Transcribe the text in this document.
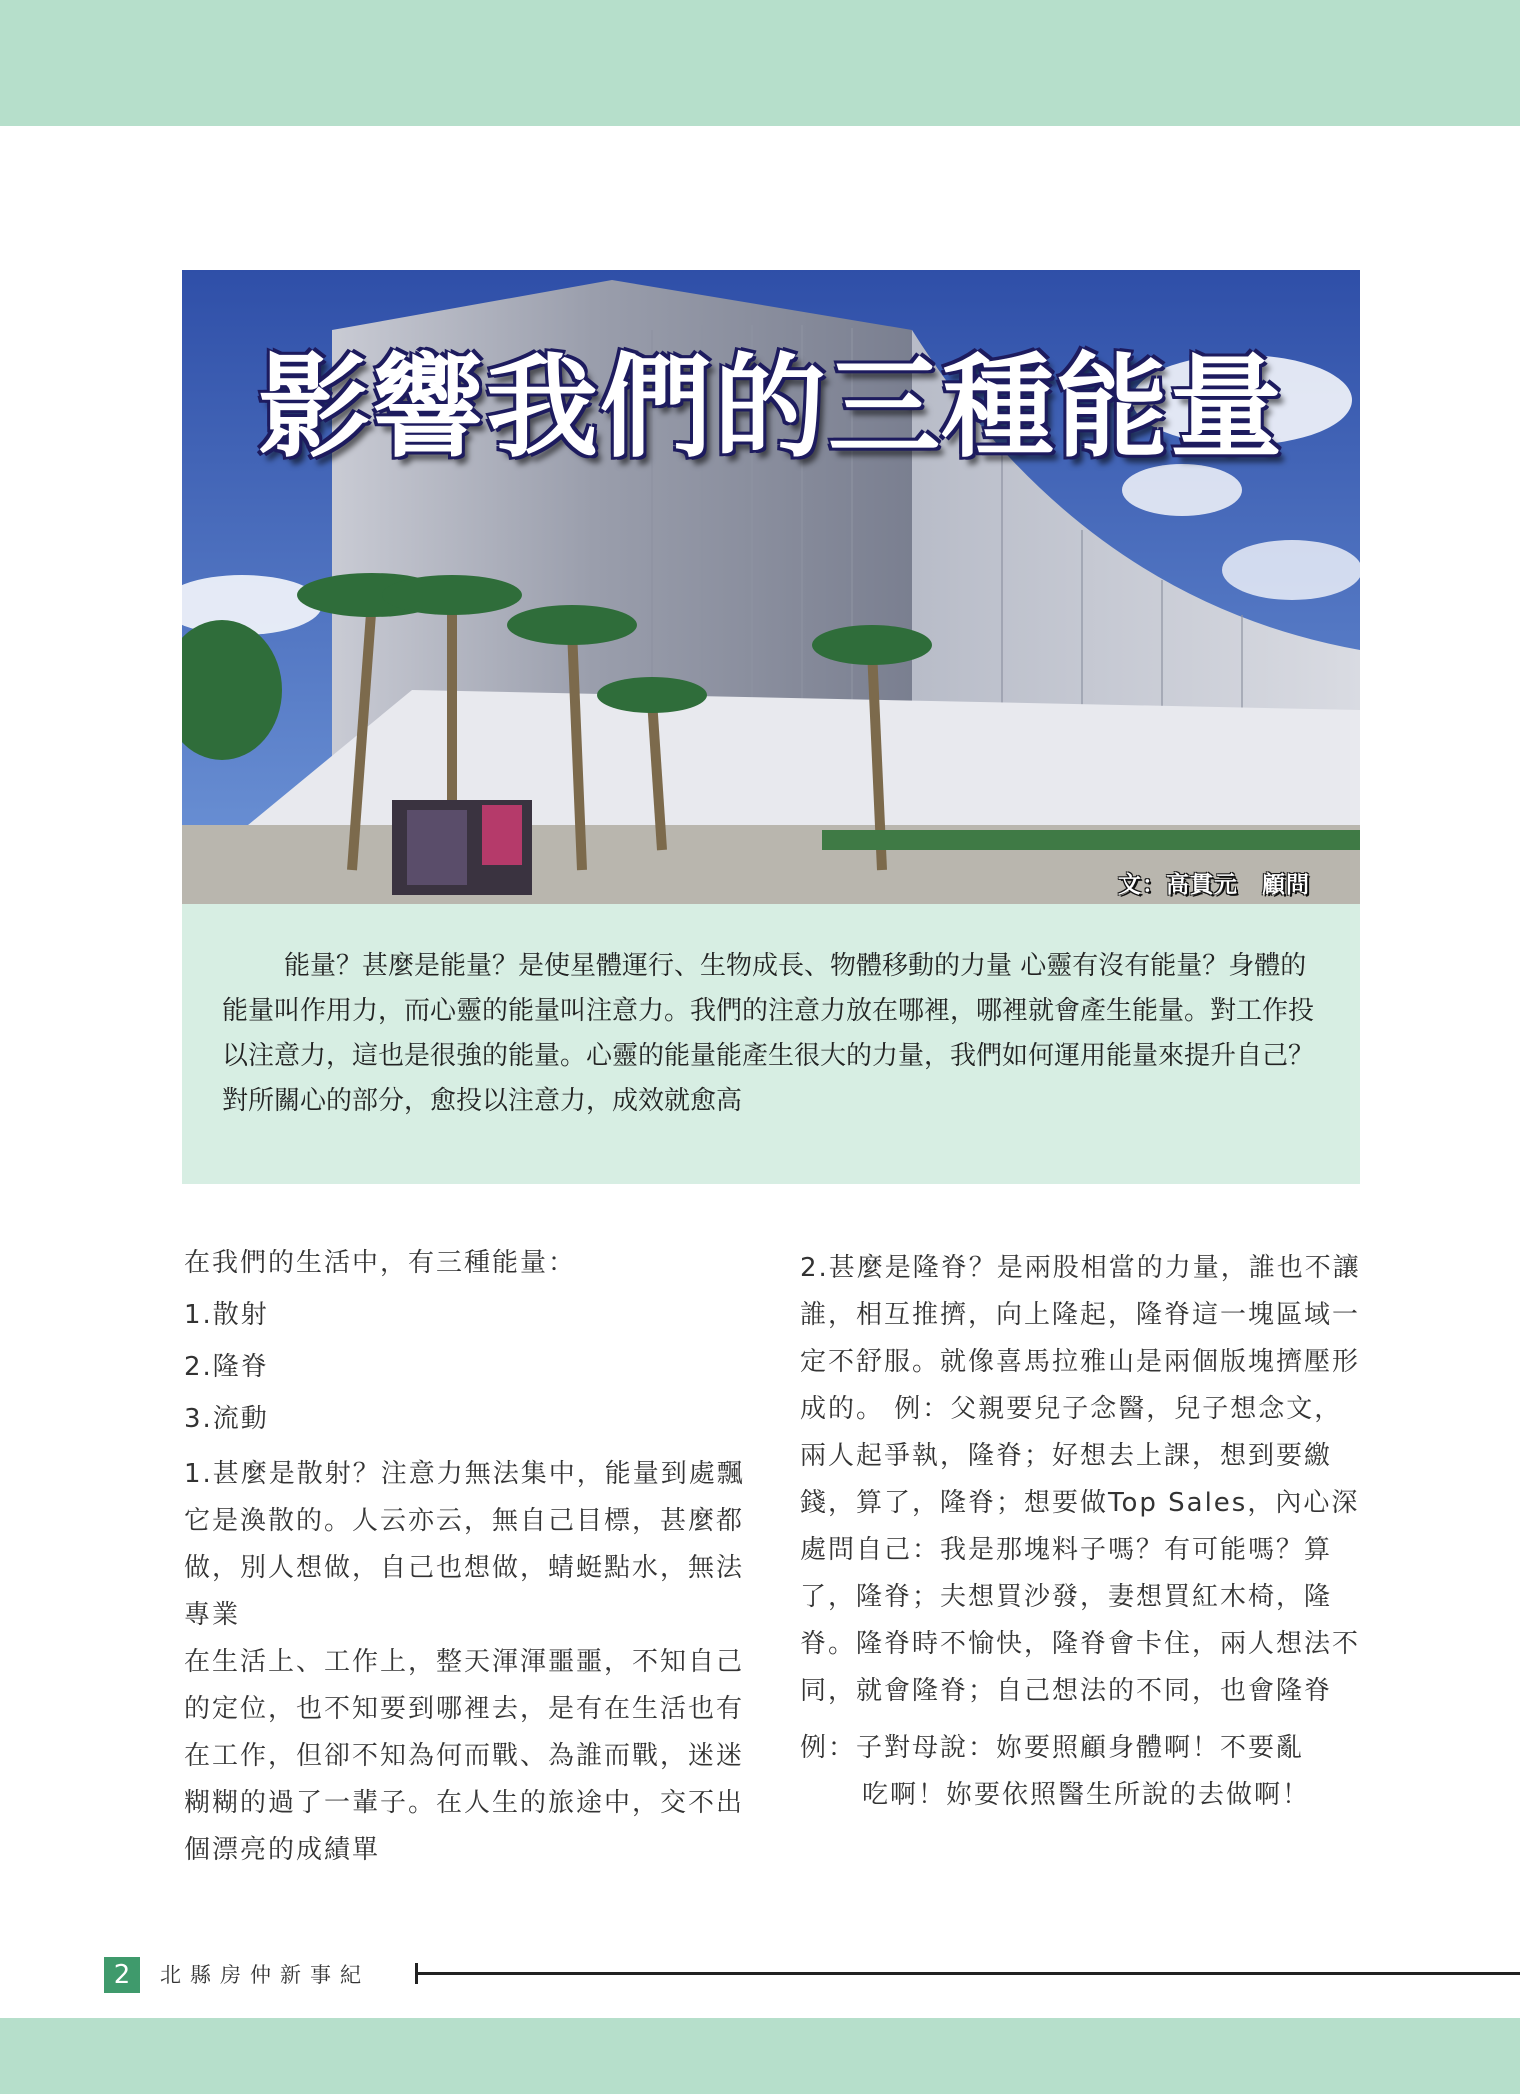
影響我們的三種能量
文：高貫元　顧問
能量？甚麼是能量？是使星體運行、生物成長、物體移動的力量 心靈有沒有能量？身體的能量叫作用力，而心靈的能量叫注意力。我們的注意力放在哪裡，哪裡就會產生能量。對工作投以注意力，這也是很強的能量。心靈的能量能產生很大的力量，我們如何運用能量來提升自己？對所關心的部分，愈投以注意力，成效就愈高

在我們的生活中，有三種能量：

1.散射

2.隆脊

3.流動

1.甚麼是散射？注意力無法集中，能量到處飄它是渙散的。人云亦云，無自己目標，甚麼都做，別人想做，自己也想做，蜻蜓點水，無法專業

在生活上、工作上，整天渾渾噩噩，不知自己的定位，也不知要到哪裡去，是有在生活也有在工作，但卻不知為何而戰、為誰而戰，迷迷糊糊的過了一輩子。在人生的旅途中，交不出個漂亮的成績單

2.甚麼是隆脊？是兩股相當的力量，誰也不讓誰，相互推擠，向上隆起，隆脊這一塊區域一定不舒服。就像喜馬拉雅山是兩個版塊擠壓形成的。 例：父親要兒子念醫，兒子想念文，兩人起爭執，隆脊；好想去上課，想到要繳錢，算了，隆脊；想要做Top Sales，內心深處問自己：我是那塊料子嗎？有可能嗎？算了，隆脊；夫想買沙發，妻想買紅木椅，隆脊。隆脊時不愉快，隆脊會卡住，兩人想法不同，就會隆脊；自己想法的不同，也會隆脊

例：子對母說：妳要照顧身體啊！不要亂

吃啊！妳要依照醫生所說的去做啊！

2	北縣房仲新事紀
